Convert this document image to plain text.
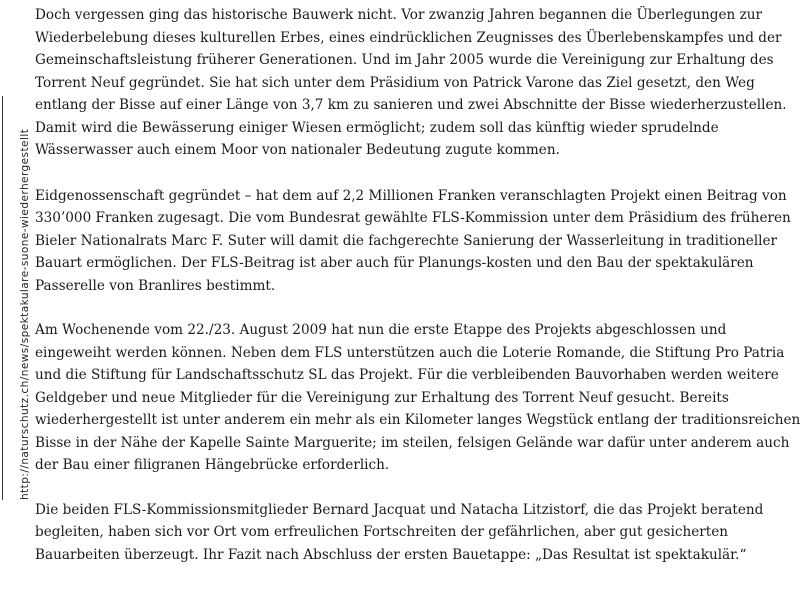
http://naturschutz.ch/news/spektakulare-suone-wiederhergestellt

Doch vergessen ging das historische Bauwerk nicht. Vor zwanzig Jahren begannen die Überlegungen zur
Wiederbelebung dieses kulturellen Erbes, eines eindrücklichen Zeugnisses des Überlebenskampfes und der
Gemeinschaftsleistung früherer Generationen. Und im Jahr 2005 wurde die Vereinigung zur Erhaltung des
Torrent Neuf gegründet. Sie hat sich unter dem Präsidium von Patrick Varone das Ziel gesetzt, den Weg
entlang der Bisse auf einer Länge von 3,7 km zu sanieren und zwei Abschnitte der Bisse wiederherzustellen.
Damit wird die Bewässerung einiger Wiesen ermöglicht; zudem soll das künftig wieder sprudelnde
Wässerwasser auch einem Moor von nationaler Bedeutung zugute kommen.

Eidgenossenschaft gegründet – hat dem auf 2,2 Millionen Franken veranschlagten Projekt einen Beitrag von
330’000 Franken zugesagt. Die vom Bundesrat gewählte FLS-Kommission unter dem Präsidium des früheren
Bieler Nationalrats Marc F. Suter will damit die fachgerechte Sanierung der Wasserleitung in traditioneller
Bauart ermöglichen. Der FLS-Beitrag ist aber auch für Planungs-kosten und den Bau der spektakulären
Passerelle von Branlires bestimmt.

Am Wochenende vom 22./23. August 2009 hat nun die erste Etappe des Projekts abgeschlossen und
eingeweiht werden können. Neben dem FLS unterstützen auch die Loterie Romande, die Stiftung Pro Patria
und die Stiftung für Landschaftsschutz SL das Projekt. Für die verbleibenden Bauvorhaben werden weitere
Geldgeber und neue Mitglieder für die Vereinigung zur Erhaltung des Torrent Neuf gesucht. Bereits
wiederhergestellt ist unter anderem ein mehr als ein Kilometer langes Wegstück entlang der traditionsreichen
Bisse in der Nähe der Kapelle Sainte Marguerite; im steilen, felsigen Gelände war dafür unter anderem auch
der Bau einer filigranen Hängebrücke erforderlich.

Die beiden FLS-Kommissionsmitglieder Bernard Jacquat und Natacha Litzistorf, die das Projekt beratend
begleiten, haben sich vor Ort vom erfreulichen Fortschreiten der gefährlichen, aber gut gesicherten
Bauarbeiten überzeugt. Ihr Fazit nach Abschluss der ersten Bauetappe: „Das Resultat ist spektakulär.“
